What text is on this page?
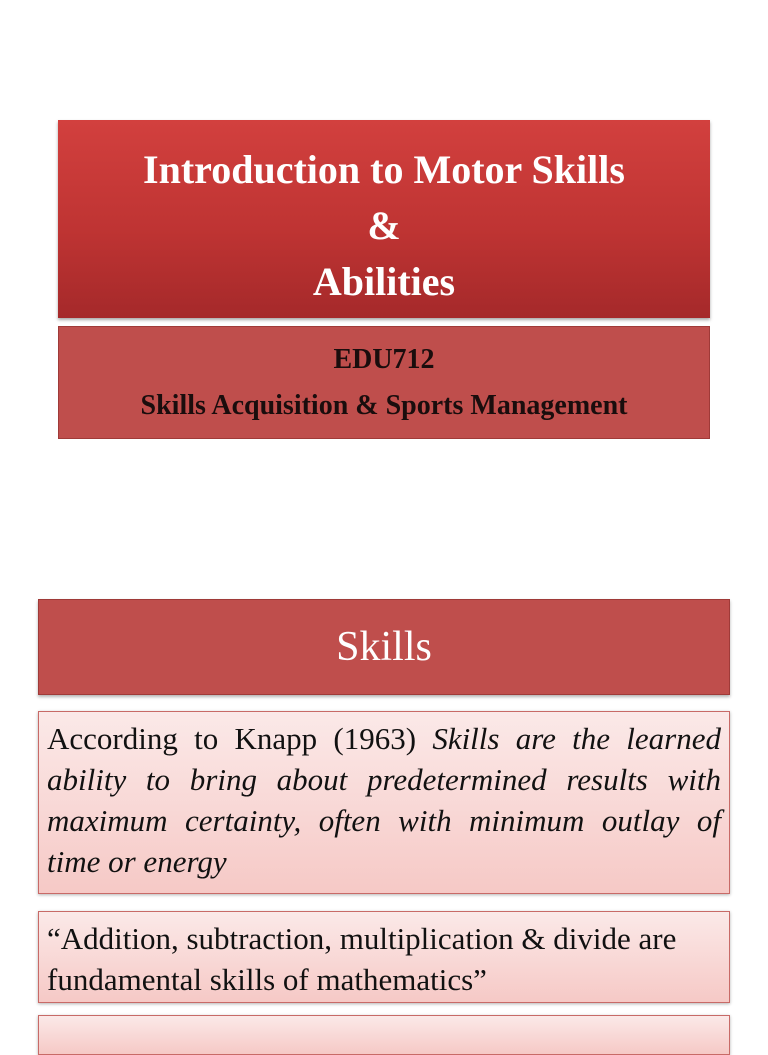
Introduction to Motor Skills
&
Abilities
EDU712
Skills Acquisition & Sports Management
Skills

According to Knapp (1963) Skills are the learned ability to bring about predetermined results with maximum certainty, often with minimum outlay of time or energy

“Addition, subtraction, multiplication & divide are fundamental skills of mathematics”
